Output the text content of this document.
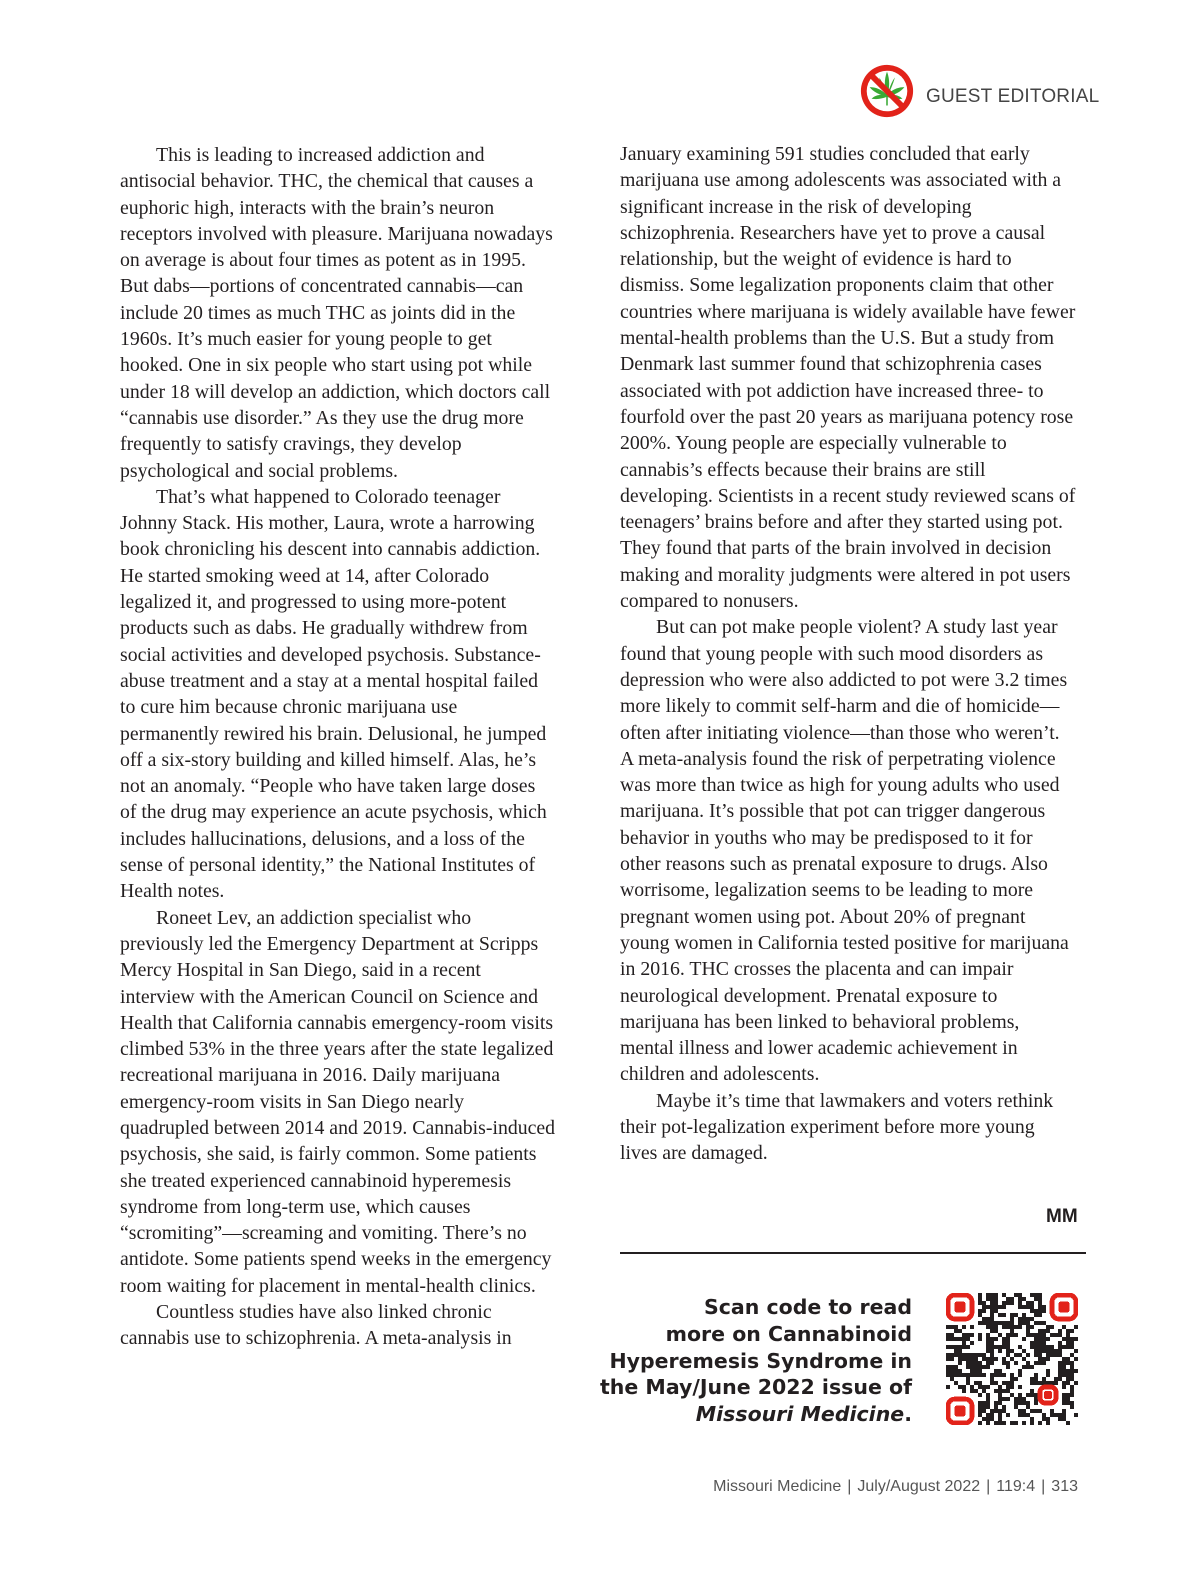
GUEST EDITORIAL

This is leading to increased addiction and antisocial behavior. THC, the chemical that causes a euphoric high, interacts with the brain’s neuron receptors involved with pleasure. Marijuana nowadays on average is about four times as potent as in 1995. But dabs—portions of concentrated cannabis—can include 20 times as much THC as joints did in the 1960s. It’s much easier for young people to get hooked. One in six people who start using pot while under 18 will develop an addiction, which doctors call “cannabis use disorder.” As they use the drug more frequently to satisfy cravings, they develop psychological and social problems.

That’s what happened to Colorado teenager Johnny Stack. His mother, Laura, wrote a harrowing book chronicling his descent into cannabis addiction. He started smoking weed at 14, after Colorado legalized it, and progressed to using more-potent products such as dabs. He gradually withdrew from social activities and developed psychosis. Substance-abuse treatment and a stay at a mental hospital failed to cure him because chronic marijuana use permanently rewired his brain. Delusional, he jumped off a six-story building and killed himself. Alas, he’s not an anomaly. “People who have taken large doses of the drug may experience an acute psychosis, which includes hallucinations, delusions, and a loss of the sense of personal identity,” the National Institutes of Health notes.

Roneet Lev, an addiction specialist who previously led the Emergency Department at Scripps Mercy Hospital in San Diego, said in a recent interview with the American Council on Science and Health that California cannabis emergency-room visits climbed 53% in the three years after the state legalized recreational marijuana in 2016. Daily marijuana emergency-room visits in San Diego nearly quadrupled between 2014 and 2019. Cannabis-induced psychosis, she said, is fairly common. Some patients she treated experienced cannabinoid hyperemesis syndrome from long-term use, which causes “scromiting”—screaming and vomiting. There’s no antidote. Some patients spend weeks in the emergency room waiting for placement in mental-health clinics.

Countless studies have also linked chronic cannabis use to schizophrenia. A meta-analysis in

January examining 591 studies concluded that early marijuana use among adolescents was associated with a significant increase in the risk of developing schizophrenia. Researchers have yet to prove a causal relationship, but the weight of evidence is hard to dismiss. Some legalization proponents claim that other countries where marijuana is widely available have fewer mental-health problems than the U.S. But a study from Denmark last summer found that schizophrenia cases associated with pot addiction have increased three- to fourfold over the past 20 years as marijuana potency rose 200%. Young people are especially vulnerable to cannabis’s effects because their brains are still developing. Scientists in a recent study reviewed scans of teenagers’ brains before and after they started using pot. They found that parts of the brain involved in decision making and morality judgments were altered in pot users compared to nonusers.

But can pot make people violent? A study last year found that young people with such mood disorders as depression who were also addicted to pot were 3.2 times more likely to commit self-harm and die of homicide—often after initiating violence—than those who weren’t. A meta-analysis found the risk of perpetrating violence was more than twice as high for young adults who used marijuana. It’s possible that pot can trigger dangerous behavior in youths who may be predisposed to it for other reasons such as prenatal exposure to drugs. Also worrisome, legalization seems to be leading to more pregnant women using pot. About 20% of pregnant young women in California tested positive for marijuana in 2016. THC crosses the placenta and can impair neurological development. Prenatal exposure to marijuana has been linked to behavioral problems, mental illness and lower academic achievement in children and adolescents.

Maybe it’s time that lawmakers and voters rethink their pot-legalization experiment before more young lives are damaged.

MM
Scan code to read
more on Cannabinoid
Hyperemesis Syndrome in
the May/June 2022 issue of
Missouri Medicine.
Missouri Medicine | July/August 2022 | 119:4 | 313
